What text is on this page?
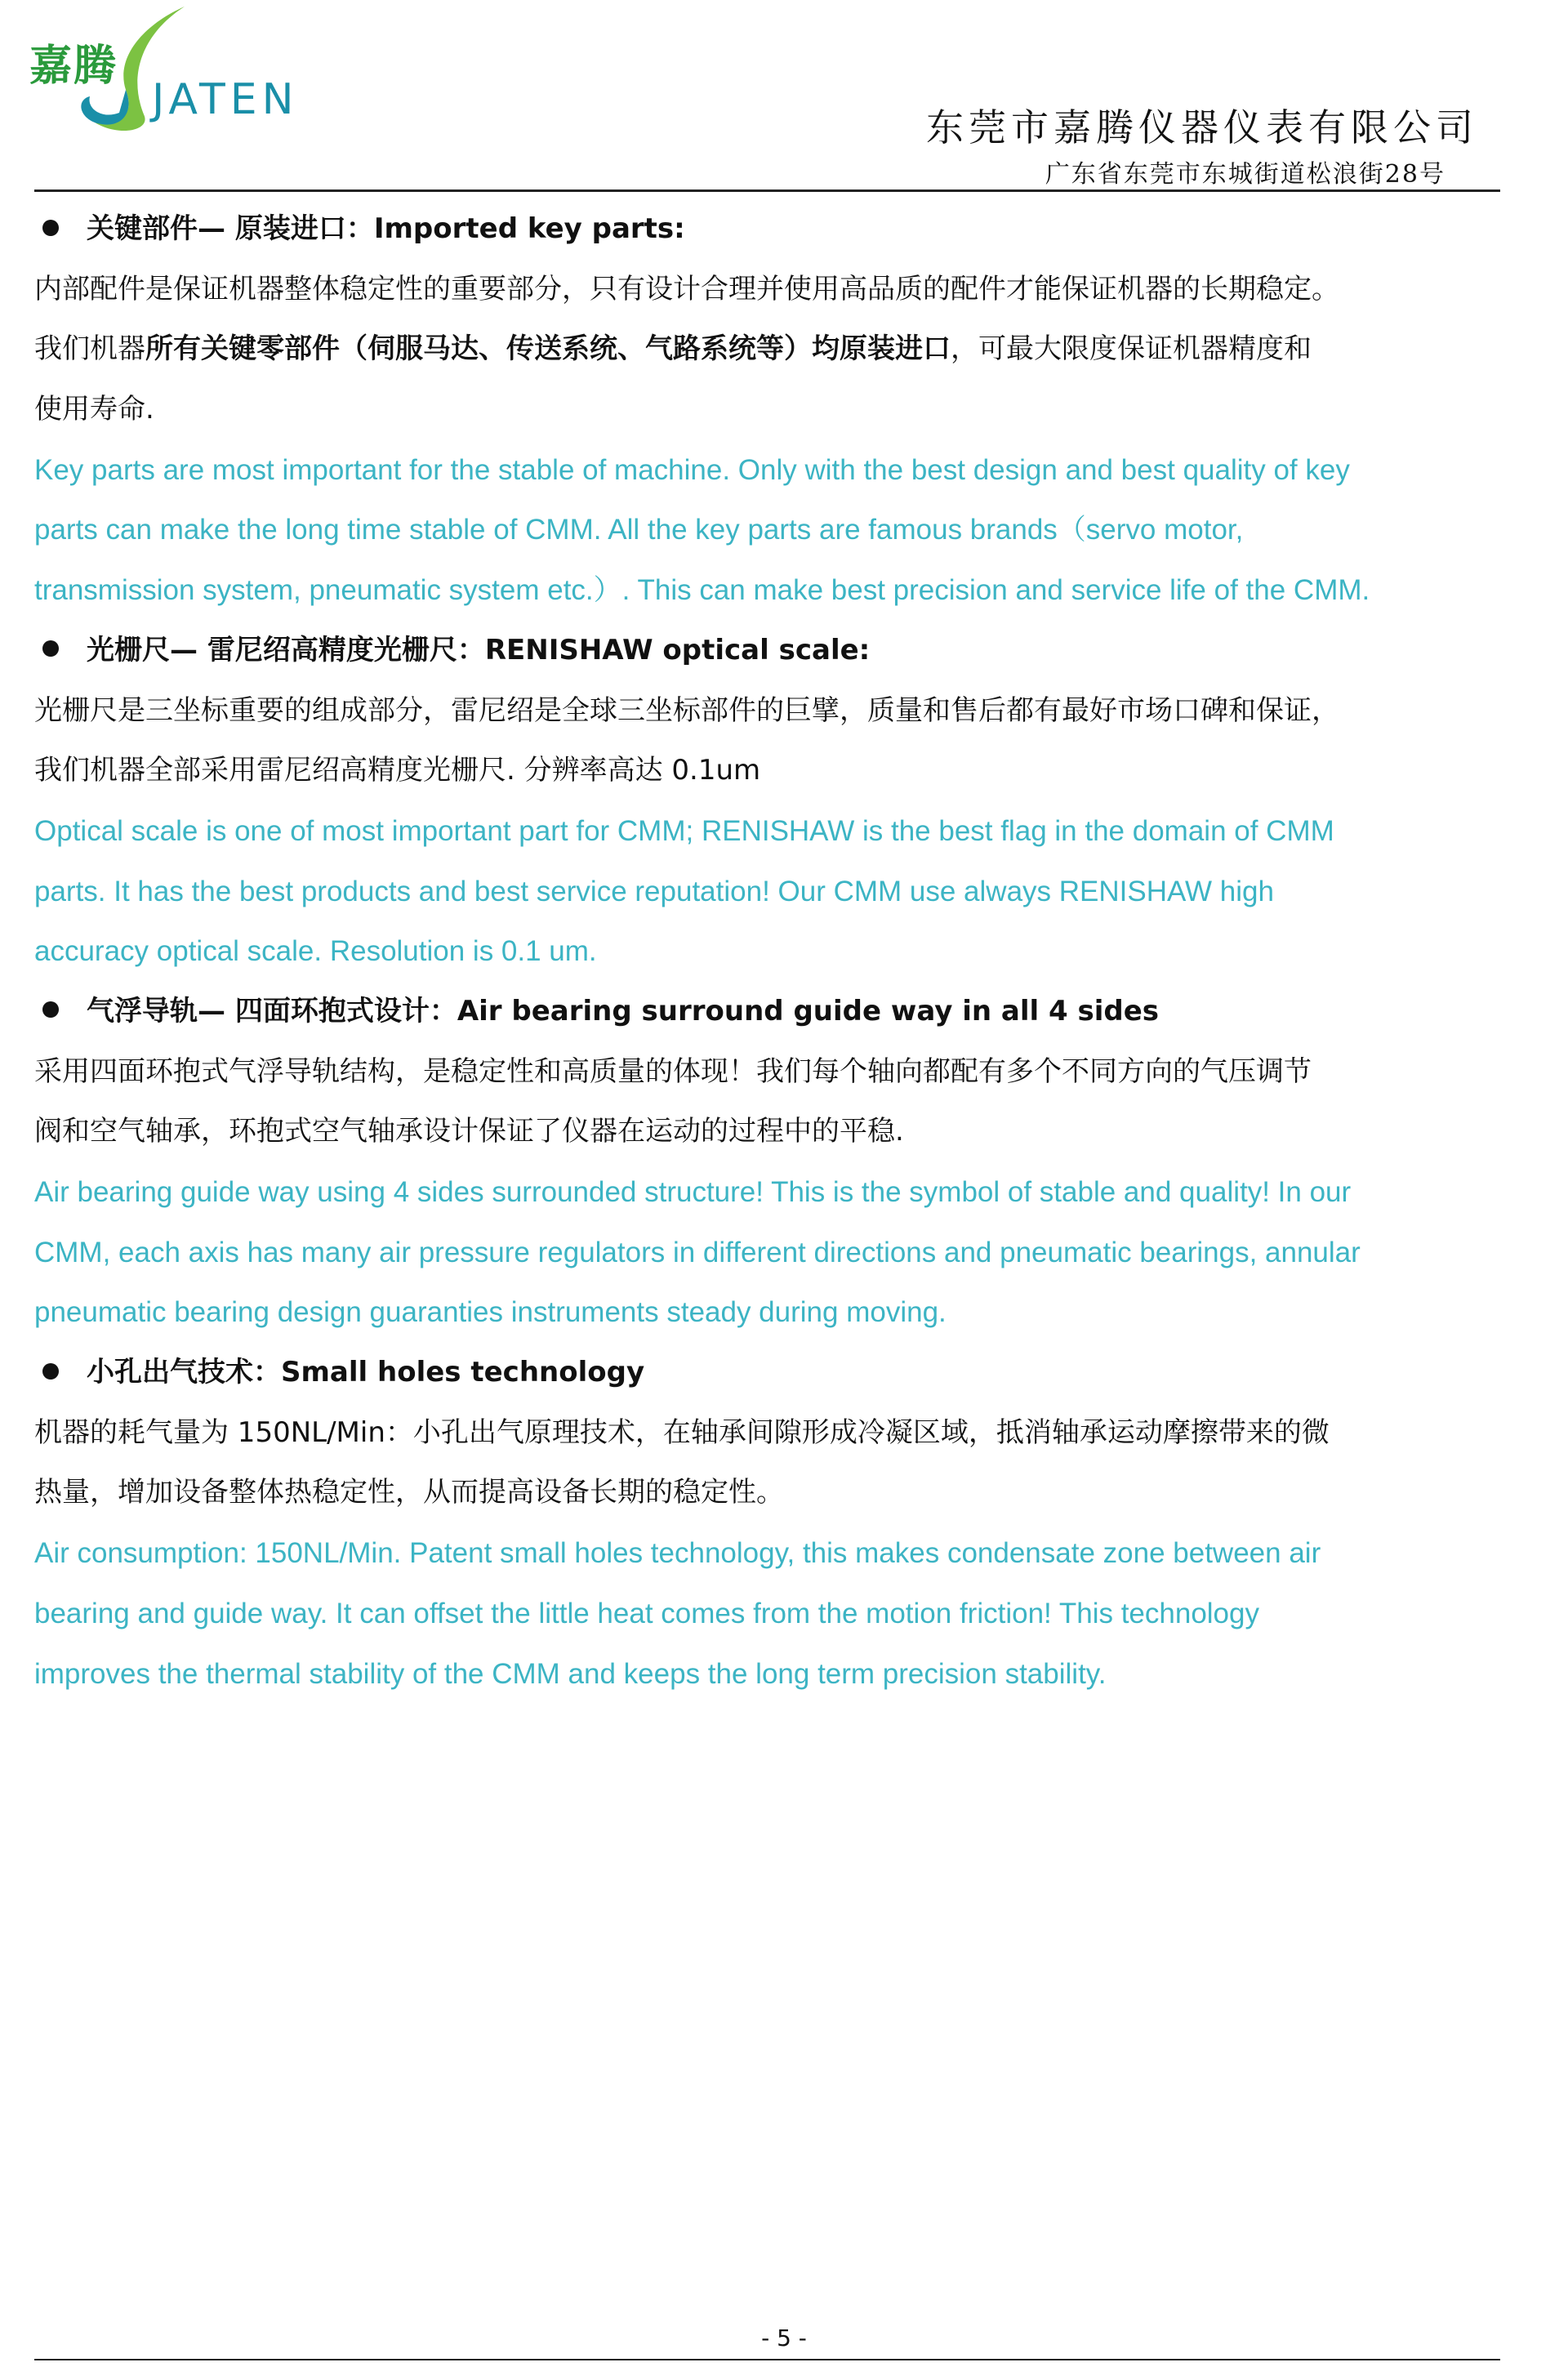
嘉腾
JATEN
东莞市嘉腾仪器仪表有限公司
广东省东莞市东城街道松浪街28号
关键部件— 原装进口：Imported key parts:
内部配件是保证机器整体稳定性的重要部分，只有设计合理并使用高品质的配件才能保证机器的长期稳定。
我们机器所有关键零部件（伺服马达、传送系统、气路系统等）均原装进口，可最大限度保证机器精度和
使用寿命.
Key parts are most important for the stable of machine. Only with the best design and best quality of key
parts can make the long time stable of CMM. All the key parts are famous brands（servo motor,
transmission system, pneumatic system etc.）. This can make best precision and service life of the CMM.
光栅尺— 雷尼绍高精度光栅尺：RENISHAW optical scale:
光栅尺是三坐标重要的组成部分，雷尼绍是全球三坐标部件的巨擘，质量和售后都有最好市场口碑和保证，
我们机器全部采用雷尼绍高精度光栅尺. 分辨率高达 0.1um
Optical scale is one of most important part for CMM; RENISHAW is the best flag in the domain of CMM
parts. It has the best products and best service reputation! Our CMM use always RENISHAW high
accuracy optical scale. Resolution is 0.1 um.
气浮导轨— 四面环抱式设计：Air bearing surround guide way in all 4 sides
采用四面环抱式气浮导轨结构，是稳定性和高质量的体现！我们每个轴向都配有多个不同方向的气压调节
阀和空气轴承，环抱式空气轴承设计保证了仪器在运动的过程中的平稳.
Air bearing guide way using 4 sides surrounded structure! This is the symbol of stable and quality! In our
CMM, each axis has many air pressure regulators in different directions and pneumatic bearings, annular
pneumatic bearing design guaranties instruments steady during moving.
小孔出气技术：Small holes technology
机器的耗气量为 150NL/Min：小孔出气原理技术，在轴承间隙形成冷凝区域，抵消轴承运动摩擦带来的微
热量，增加设备整体热稳定性，从而提高设备长期的稳定性。
Air consumption: 150NL/Min. Patent small holes technology, this makes condensate zone between air
bearing and guide way. It can offset the little heat comes from the motion friction! This technology
improves the thermal stability of the CMM and keeps the long term precision stability.
- 5 -
